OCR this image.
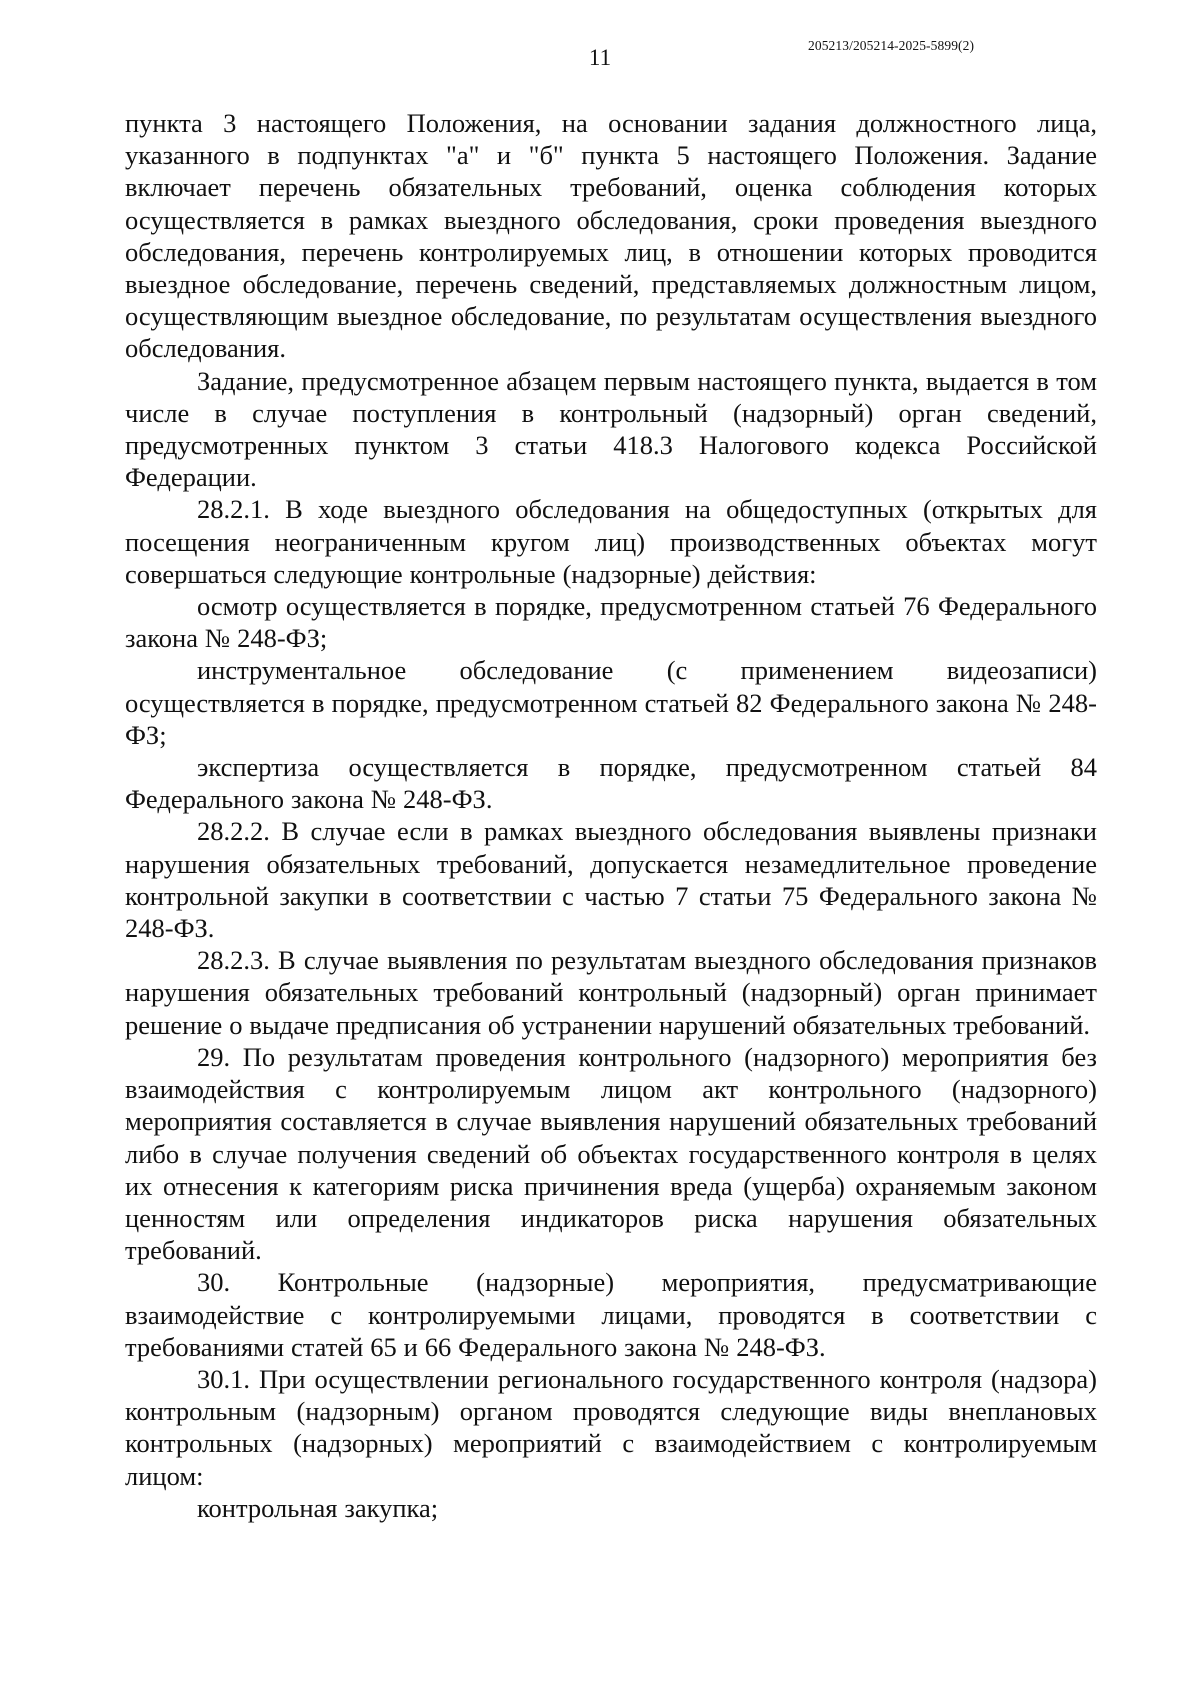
205213/205214-2025-5899(2)
11

пункта 3 настоящего Положения, на основании задания должностного лица, указанного в подпунктах "а" и "б" пункта 5 настоящего Положения. Задание включает перечень обязательных требований, оценка соблюдения которых осуществляется в рамках выездного обследования, сроки проведения выездного обследования, перечень контролируемых лиц, в отношении которых проводится выездное обследование, перечень сведений, представляемых должностным лицом, осуществляющим выездное обследование, по результатам осуществления выездного обследования.

Задание, предусмотренное абзацем первым настоящего пункта, выдается в том числе в случае поступления в контрольный (надзорный) орган сведений, предусмотренных пунктом 3 статьи 418.3 Налогового кодекса Российской Федерации.

28.2.1. В ходе выездного обследования на общедоступных (открытых для посещения неограниченным кругом лиц) производственных объектах могут совершаться следующие контрольные (надзорные) действия:

осмотр осуществляется в порядке, предусмотренном статьей 76 Федерального закона № 248-ФЗ;

инструментальное обследование (с применением видеозаписи) осуществляется в порядке, предусмотренном статьей 82 Федерального закона № 248-ФЗ;

экспертиза осуществляется в порядке, предусмотренном статьей 84 Федерального закона № 248-ФЗ.

28.2.2. В случае если в рамках выездного обследования выявлены признаки нарушения обязательных требований, допускается незамедлительное проведение контрольной закупки в соответствии с частью 7 статьи 75 Федерального закона № 248-ФЗ.

28.2.3. В случае выявления по результатам выездного обследования признаков нарушения обязательных требований контрольный (надзорный) орган принимает решение о выдаче предписания об устранении нарушений обязательных требований.

29. По результатам проведения контрольного (надзорного) мероприятия без взаимодействия с контролируемым лицом акт контрольного (надзорного) мероприятия составляется в случае выявления нарушений обязательных требований либо в случае получения сведений об объектах государственного контроля в целях их отнесения к категориям риска причинения вреда (ущерба) охраняемым законом ценностям или определения индикаторов риска нарушения обязательных требований.

30. Контрольные (надзорные) мероприятия, предусматривающие взаимодействие с контролируемыми лицами, проводятся в соответствии с требованиями статей 65 и 66 Федерального закона № 248-ФЗ.

30.1. При осуществлении регионального государственного контроля (надзора) контрольным (надзорным) органом проводятся следующие виды внеплановых контрольных (надзорных) мероприятий с взаимодействием с контролируемым лицом:

контрольная закупка;
